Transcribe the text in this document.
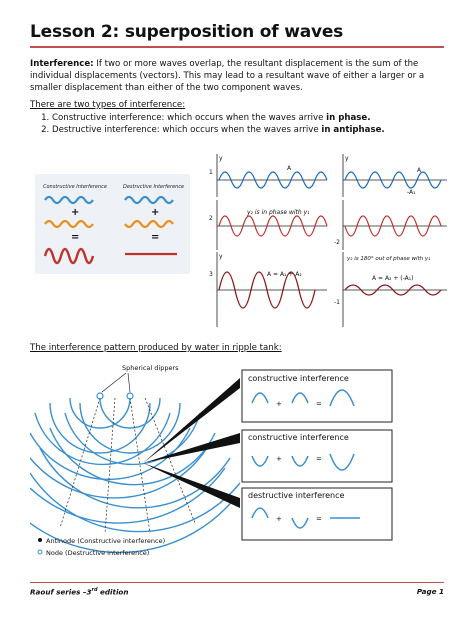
Lesson 2: superposition of waves
Interference: If two or more waves overlap, the resultant displacement is the sum of the individual displacements (vectors). This may lead to a resultant wave of either a larger or a smaller displacement than either of the two component waves.
There are two types of interference:
1. Constructive interference: which occurs when the waves arrive in phase.
2. Destructive interference: which occurs when the waves arrive in antiphase.
Constructive Interference	Destructive Interference
+
=
+
=
y
1
A
y₂ is in phase with y₁
2
3
y
A = A₁ + A₂
y
A
-A₁
-2
y₂ is 180° out of phase with y₁
A = A₂ + (-A₁)
-1
The interference pattern produced by water in ripple tank:
Spherical dippers
constructive interference
constructive interference
destructive interference
+	=
+	=
+	=
Antinode (Constructive interference)
Node (Destructive interference)
Raouf series –3rd edition	Page 1
